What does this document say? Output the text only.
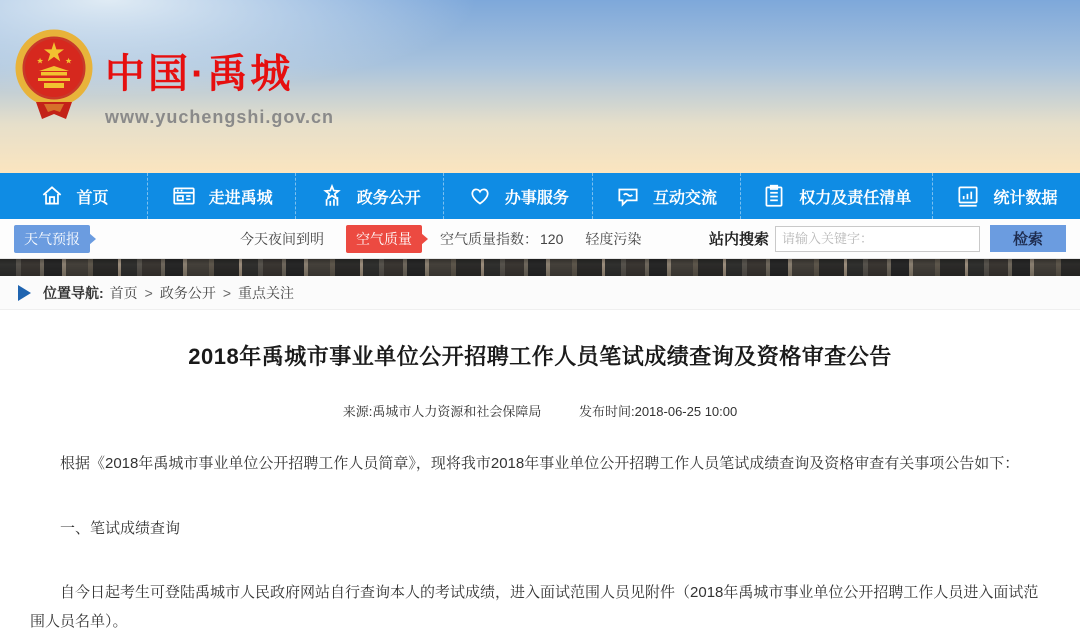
中国·禹城
www.yuchengshi.gov.cn
首页	走进禹城	政务公开	办事服务	互动交流	权力及责任清单	统计数据
天气预报	今天夜间到明	空气质量	空气质量指数： 120 轻度污染	站内搜索
请输入关键字：	检索
位置导航: 首页 > 政务公开 > 重点关注
2018年禹城市事业单位公开招聘工作人员笔试成绩查询及资格审查公告
来源:禹城市人力资源和社会保障局	发布时间:2018-06-25 10:00

根据《2018年禹城市事业单位公开招聘工作人员简章》，现将我市2018年事业单位公开招聘工作人员笔试成绩查询及资格审查有关事项公告如下：

一、笔试成绩查询

自今日起考生可登陆禹城市人民政府网站自行查询本人的考试成绩，进入面试范围人员见附件（2018年禹城市事业单位公开招聘工作人员进入面试范围人员名单）。
